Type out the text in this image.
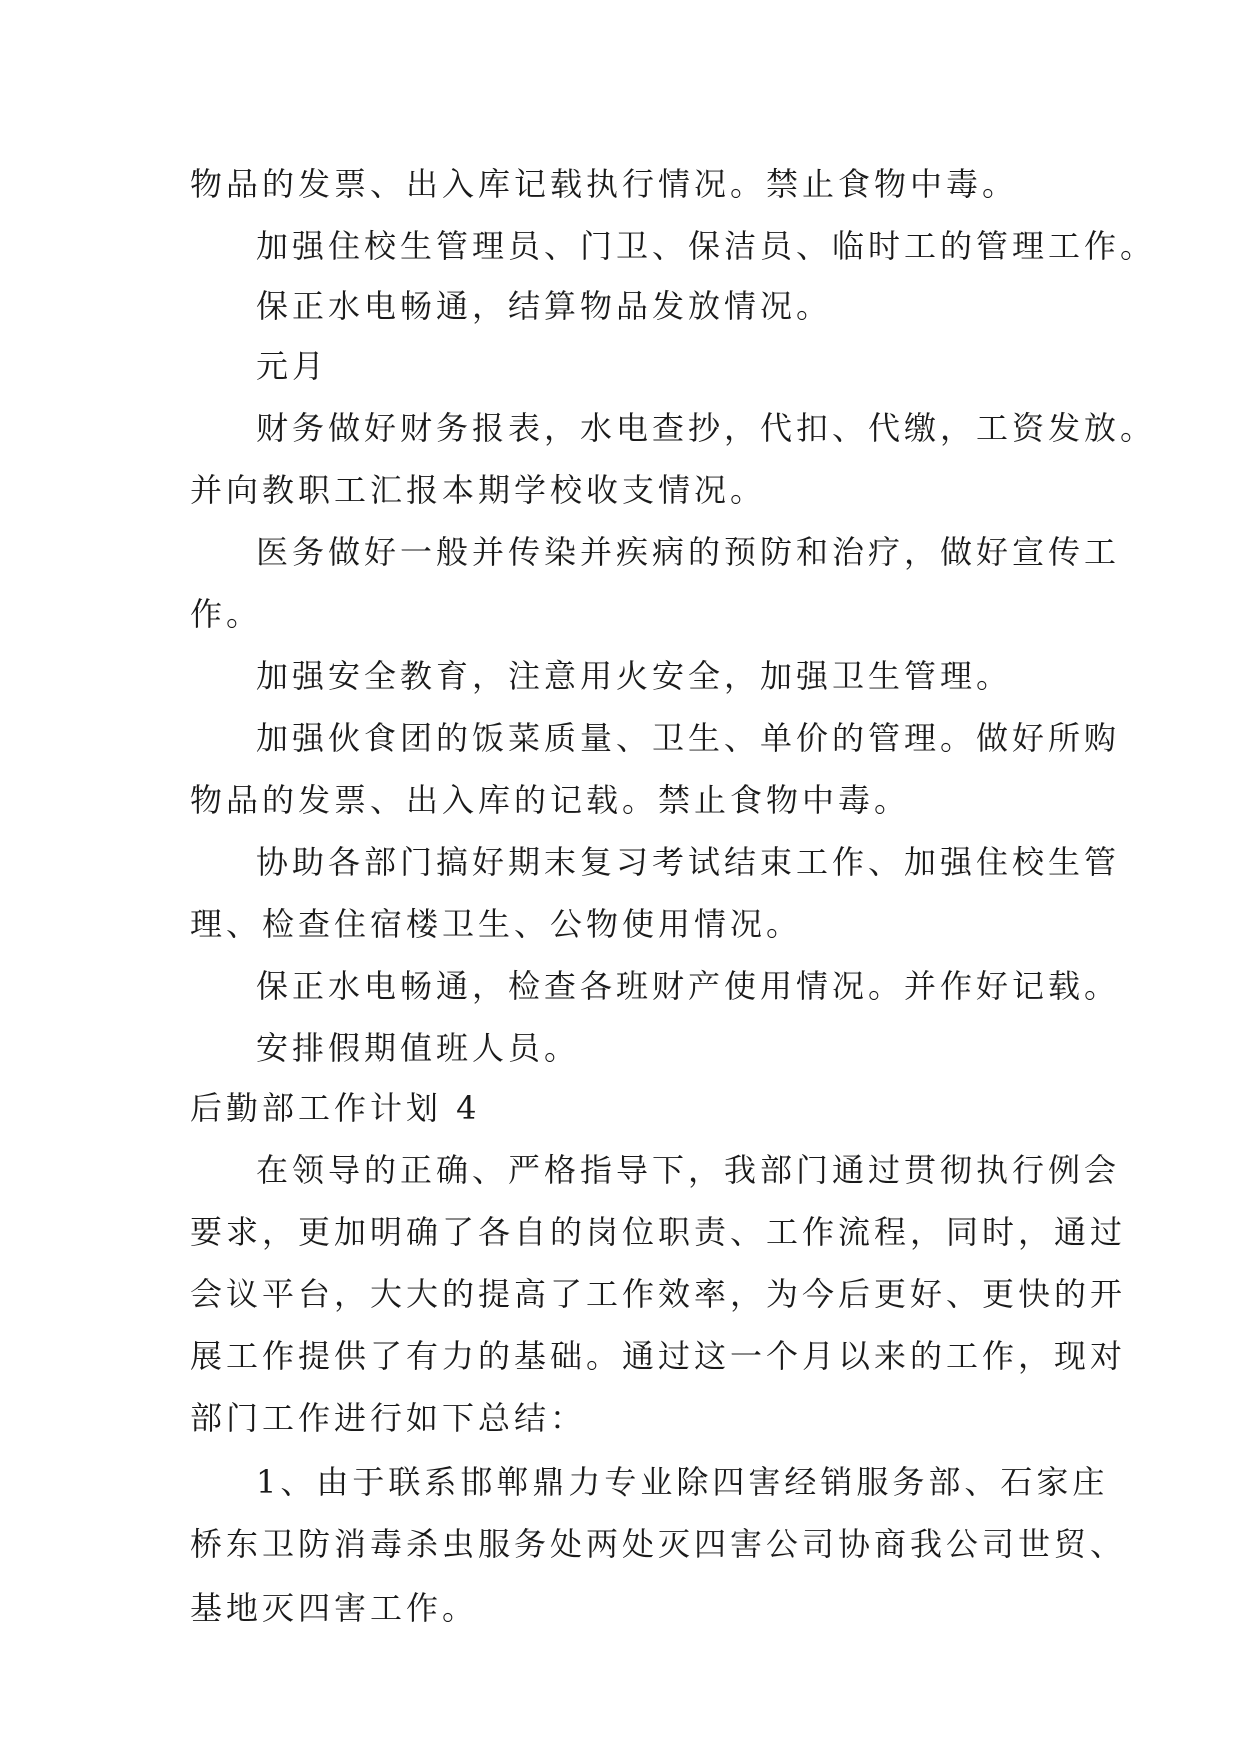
物品的发票、出入库记载执行情况。禁止食物中毒。
加强住校生管理员、门卫、保洁员、临时工的管理工作。
保正水电畅通，结算物品发放情况。
元月
财务做好财务报表，水电查抄，代扣、代缴，工资发放。
并向教职工汇报本期学校收支情况。
医务做好一般并传染并疾病的预防和治疗，做好宣传工
作。
加强安全教育，注意用火安全，加强卫生管理。
加强伙食团的饭菜质量、卫生、单价的管理。做好所购
物品的发票、出入库的记载。禁止食物中毒。
协助各部门搞好期末复习考试结束工作、加强住校生管
理、检查住宿楼卫生、公物使用情况。
保正水电畅通，检查各班财产使用情况。并作好记载。
安排假期值班人员。
后勤部工作计划 4
在领导的正确、严格指导下，我部门通过贯彻执行例会
要求，更加明确了各自的岗位职责、工作流程，同时，通过
会议平台，大大的提高了工作效率，为今后更好、更快的开
展工作提供了有力的基础。通过这一个月以来的工作，现对
部门工作进行如下总结：
1、由于联系邯郸鼎力专业除四害经销服务部、石家庄
桥东卫防消毒杀虫服务处两处灭四害公司协商我公司世贸、
基地灭四害工作。
